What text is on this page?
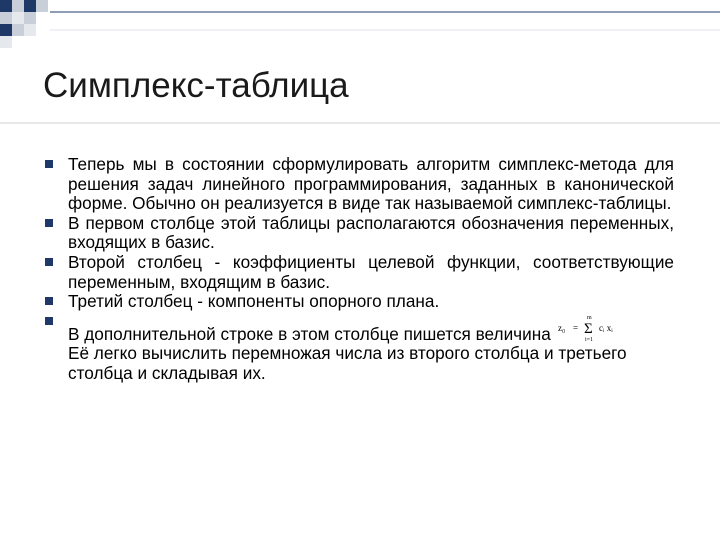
Симплекс-таблица
Теперь мы в состоянии сформулировать алгоритм симплекс-метода для решения задач линейного программирования, заданных в канонической форме. Обычно он реализуется в виде так называемой симплекс-таблицы.
В первом столбце этой таблицы располагаются обозначения переменных, входящих в базис.
Второй столбец - коэффициенты целевой функции, соответствующие переменным, входящим в базис.
Третий столбец - компоненты опорного плана.
В дополнительной строке в этом столбце пишется величина z₀ = Σ
m
i=1
cᵢ xᵢ

Её легко вычислить перемножая числа из второго столбца и третьего столбца и складывая их.
